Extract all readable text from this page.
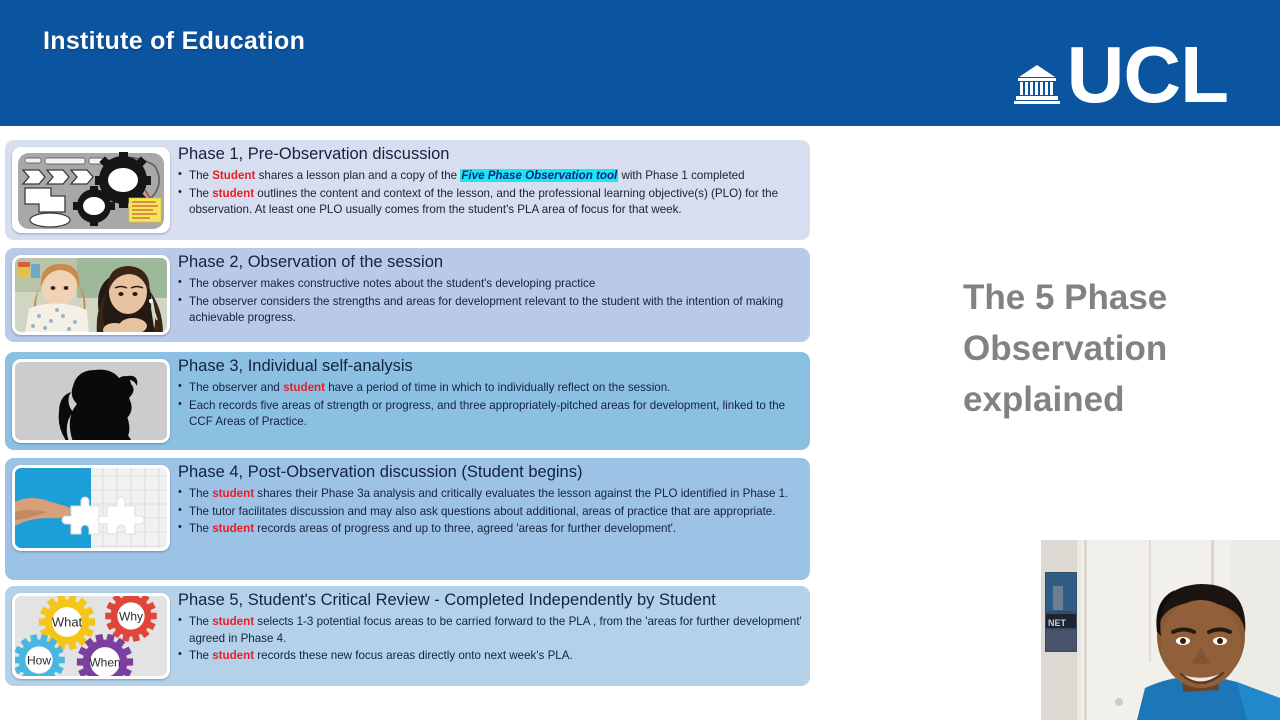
Institute of Education	UCL
Phase 1, Pre-Observation discussion
• The Student shares a lesson plan and a copy of the Five Phase Observation tool with Phase 1 completed
• The student outlines the content and context of the lesson, and the professional learning objective(s) (PLO) for the observation. At least one PLO usually comes from the student's PLA area of focus for that week.
Phase 2, Observation of the session
• The observer makes constructive notes about the student's developing practice
• The observer considers the strengths and areas for development relevant to the student with the intention of making achievable progress.
Phase 3, Individual self-analysis
• The observer and student have a period of time in which to individually reflect on the session.
• Each records five areas of strength or progress, and three appropriately-pitched areas for development, linked to the CCF Areas of Practice.
Phase 4, Post-Observation discussion (Student begins)
• The student shares their Phase 3a analysis and critically evaluates the lesson against the PLO identified in Phase 1.
• The tutor facilitates discussion and may also ask questions about additional, areas of practice that are appropriate.
• The student records areas of progress and up to three, agreed 'areas for further development'.
What	Why
How	When
Phase 5, Student's Critical Review - Completed Independently by Student
• The student selects 1-3 potential focus areas to be carried forward to the PLA , from the 'areas for further development' agreed in Phase 4.
• The student records these new focus areas directly onto next week's PLA.
The 5 Phase Observation explained
NET
